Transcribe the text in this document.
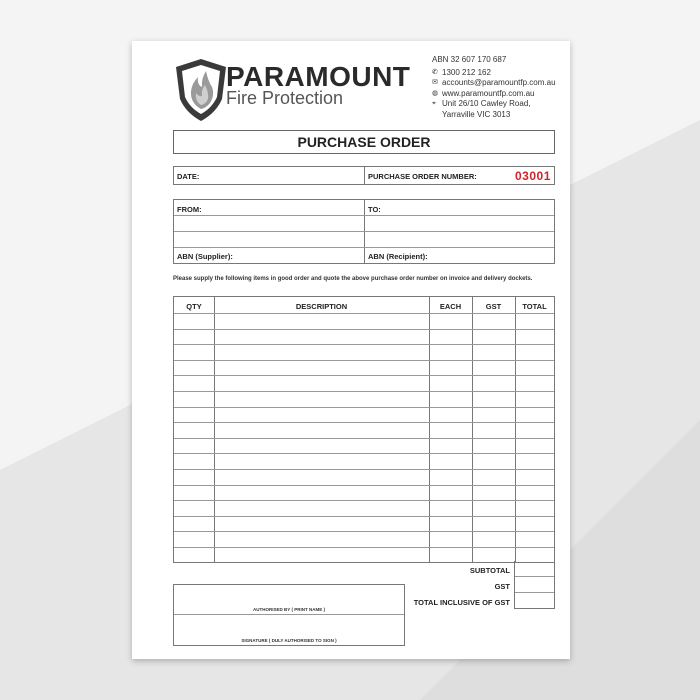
PARAMOUNT
Fire Protection
ABN 32 607 170 687
✆ 1300 212 162
✉ accounts@paramountfp.com.au
◍ www.paramountfp.com.au
⌖ Unit 26/10 Cawley Road,
Yarraville VIC 3013
PURCHASE ORDER
DATE:	PURCHASE ORDER NUMBER:	03001
FROM:	TO:
ABN (Supplier):	ABN (Recipient):
Please supply the following items in good order and quote the above purchase order number on invoice and delivery dockets.
QTY	DESCRIPTION	EACH	GST	TOTAL
SUBTOTAL
GST
TOTAL INCLUSIVE OF GST
AUTHORISED BY ( PRINT NAME )
SIGNATURE ( DULY AUTHORISED TO SIGN )
